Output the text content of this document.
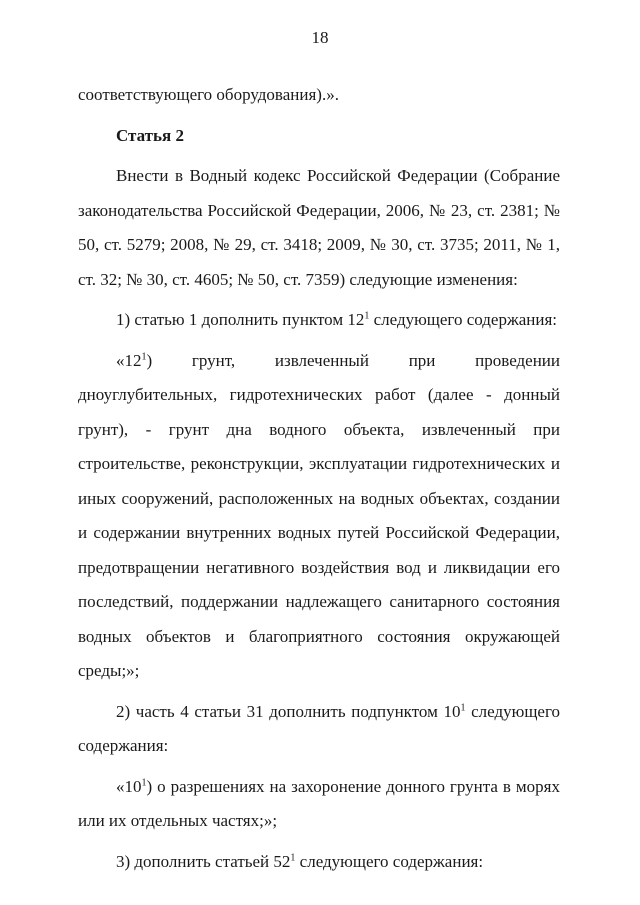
18

соответствующего оборудования).».

Статья 2

Внести в Водный кодекс Российской Федерации (Собрание законодательства Российской Федерации, 2006, № 23, ст. 2381; № 50, ст. 5279; 2008, № 29, ст. 3418; 2009, № 30, ст. 3735; 2011, № 1, ст. 32; № 30, ст. 4605; № 50, ст. 7359) следующие изменения:

1) статью 1 дополнить пунктом $12^1$ следующего содержания:

«$12^1$) грунт, извлеченный при проведении дноуглубительных, гидротехнических работ (далее - донный грунт), - грунт дна водного объекта, извлеченный при строительстве, реконструкции, эксплуатации гидротехнических и иных сооружений, расположенных на водных объектах, создании и содержании внутренних водных путей Российской Федерации, предотвращении негативного воздействия вод и ликвидации его последствий, поддержании надлежащего санитарного состояния водных объектов и благоприятного состояния окружающей среды;»;

2) часть 4 статьи 31 дополнить подпунктом $10^1$ следующего содержания:

«$10^1$) о разрешениях на захоронение донного грунта в морях или их отдельных частях;»;

3) дополнить статьей $52^1$ следующего содержания:
